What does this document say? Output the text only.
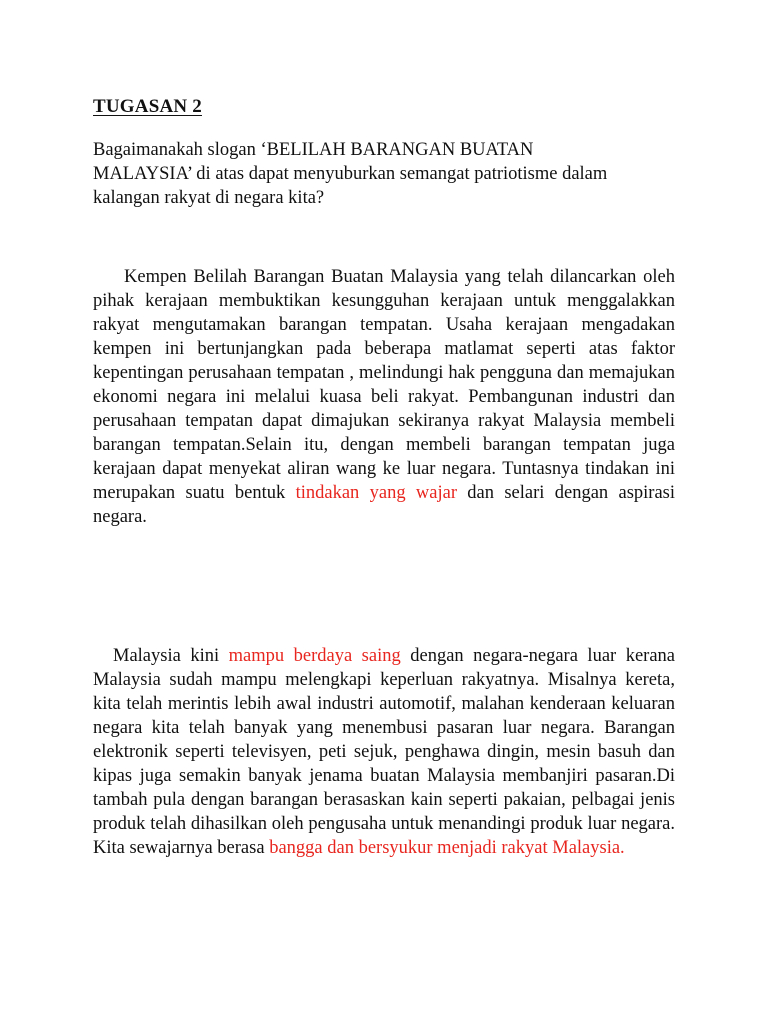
TUGASAN 2
Bagaimanakah slogan ‘BELILAH BARANGAN BUATAN MALAYSIA’ di atas dapat menyuburkan semangat patriotisme dalam kalangan rakyat di negara kita?
Kempen Belilah Barangan Buatan Malaysia yang telah dilancarkan oleh pihak kerajaan membuktikan kesungguhan kerajaan untuk menggalakkan rakyat mengutamakan barangan tempatan. Usaha kerajaan mengadakan kempen ini bertunjangkan pada beberapa matlamat seperti atas faktor kepentingan perusahaan tempatan , melindungi hak pengguna dan memajukan ekonomi negara ini melalui kuasa beli rakyat. Pembangunan industri dan perusahaan tempatan dapat dimajukan sekiranya rakyat Malaysia membeli barangan tempatan.Selain itu, dengan membeli barangan tempatan juga kerajaan dapat menyekat aliran wang ke luar negara. Tuntasnya tindakan ini merupakan suatu bentuk tindakan yang wajar dan selari dengan aspirasi negara.
Malaysia kini mampu berdaya saing dengan negara-negara luar kerana Malaysia sudah mampu melengkapi keperluan rakyatnya. Misalnya kereta, kita telah merintis lebih awal industri automotif, malahan kenderaan keluaran negara kita telah banyak yang menembusi pasaran luar negara. Barangan elektronik seperti televisyen, peti sejuk, penghawa dingin, mesin basuh dan kipas juga semakin banyak jenama buatan Malaysia membanjiri pasaran.Di tambah pula dengan barangan berasaskan kain seperti pakaian, pelbagai jenis produk telah dihasilkan oleh pengusaha untuk menandingi produk luar negara. Kita sewajarnya berasa bangga dan bersyukur menjadi rakyat Malaysia.
